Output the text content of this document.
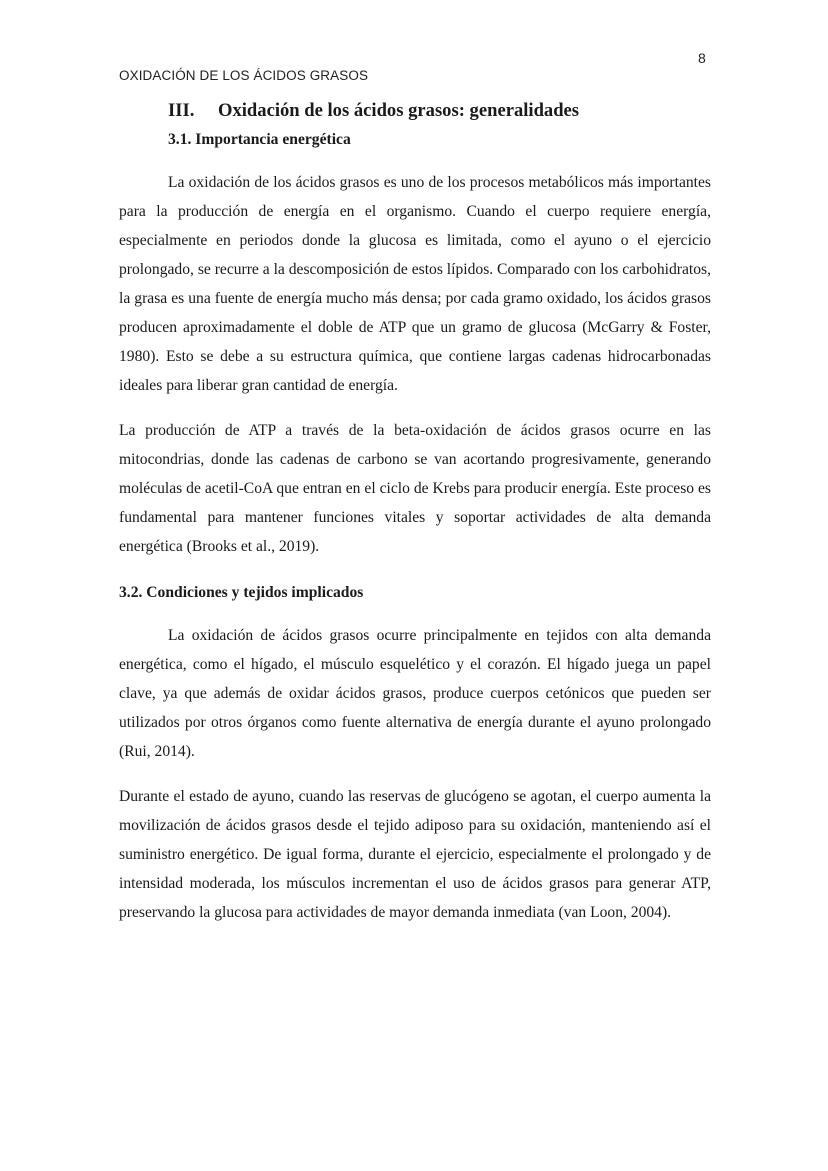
8
OXIDACIÓN DE LOS ÁCIDOS GRASOS
III.	Oxidación de los ácidos grasos: generalidades
3.1. Importancia energética

La oxidación de los ácidos grasos es uno de los procesos metabólicos más importantes para la producción de energía en el organismo. Cuando el cuerpo requiere energía, especialmente en periodos donde la glucosa es limitada, como el ayuno o el ejercicio prolongado, se recurre a la descomposición de estos lípidos. Comparado con los carbohidratos, la grasa es una fuente de energía mucho más densa; por cada gramo oxidado, los ácidos grasos producen aproximadamente el doble de ATP que un gramo de glucosa (McGarry & Foster, 1980). Esto se debe a su estructura química, que contiene largas cadenas hidrocarbonadas ideales para liberar gran cantidad de energía.

La producción de ATP a través de la beta-oxidación de ácidos grasos ocurre en las mitocondrias, donde las cadenas de carbono se van acortando progresivamente, generando moléculas de acetil-CoA que entran en el ciclo de Krebs para producir energía. Este proceso es fundamental para mantener funciones vitales y soportar actividades de alta demanda energética (Brooks et al., 2019).

3.2. Condiciones y tejidos implicados

La oxidación de ácidos grasos ocurre principalmente en tejidos con alta demanda energética, como el hígado, el músculo esquelético y el corazón. El hígado juega un papel clave, ya que además de oxidar ácidos grasos, produce cuerpos cetónicos que pueden ser utilizados por otros órganos como fuente alternativa de energía durante el ayuno prolongado (Rui, 2014).

Durante el estado de ayuno, cuando las reservas de glucógeno se agotan, el cuerpo aumenta la movilización de ácidos grasos desde el tejido adiposo para su oxidación, manteniendo así el suministro energético. De igual forma, durante el ejercicio, especialmente el prolongado y de intensidad moderada, los músculos incrementan el uso de ácidos grasos para generar ATP, preservando la glucosa para actividades de mayor demanda inmediata (van Loon, 2004).
